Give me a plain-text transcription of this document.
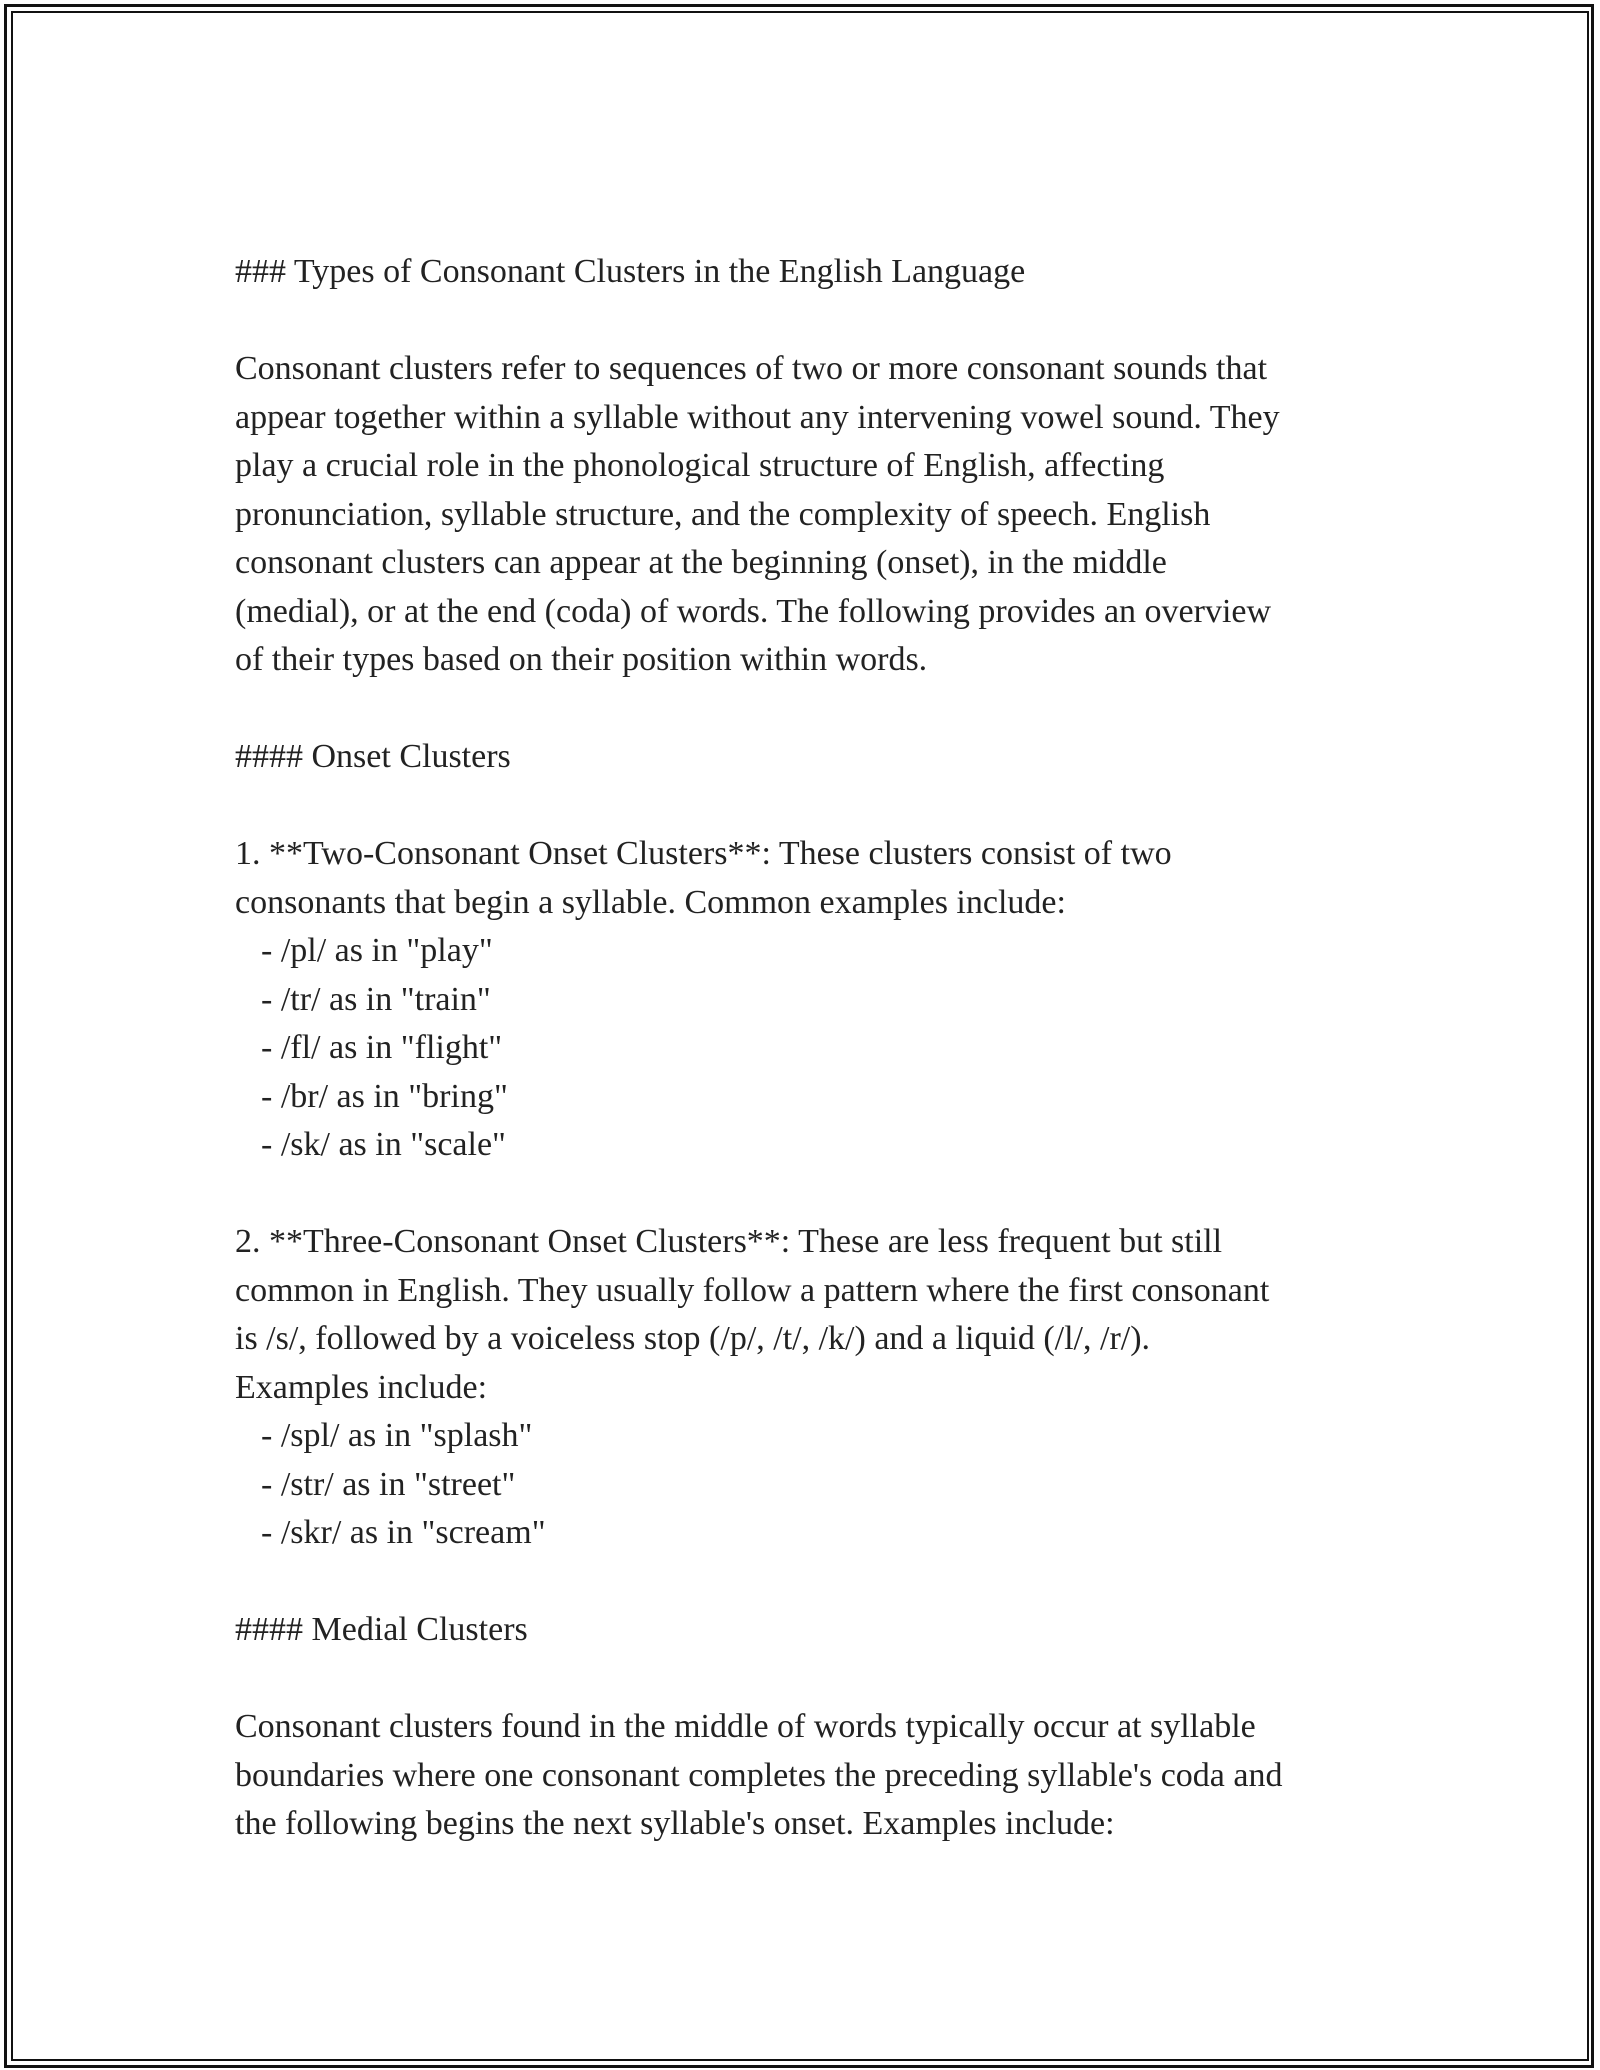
### Types of Consonant Clusters in the English Language
Consonant clusters refer to sequences of two or more consonant sounds that
appear together within a syllable without any intervening vowel sound. They
play a crucial role in the phonological structure of English, affecting
pronunciation, syllable structure, and the complexity of speech. English
consonant clusters can appear at the beginning (onset), in the middle
(medial), or at the end (coda) of words. The following provides an overview
of their types based on their position within words.
#### Onset Clusters
1. **Two-Consonant Onset Clusters**: These clusters consist of two
consonants that begin a syllable. Common examples include:
- /pl/ as in "play"
- /tr/ as in "train"
- /fl/ as in "flight"
- /br/ as in "bring"
- /sk/ as in "scale"
2. **Three-Consonant Onset Clusters**: These are less frequent but still
common in English. They usually follow a pattern where the first consonant
is /s/, followed by a voiceless stop (/p/, /t/, /k/) and a liquid (/l/, /r/).
Examples include:
- /spl/ as in "splash"
- /str/ as in "street"
- /skr/ as in "scream"
#### Medial Clusters
Consonant clusters found in the middle of words typically occur at syllable
boundaries where one consonant completes the preceding syllable's coda and
the following begins the next syllable's onset. Examples include:
